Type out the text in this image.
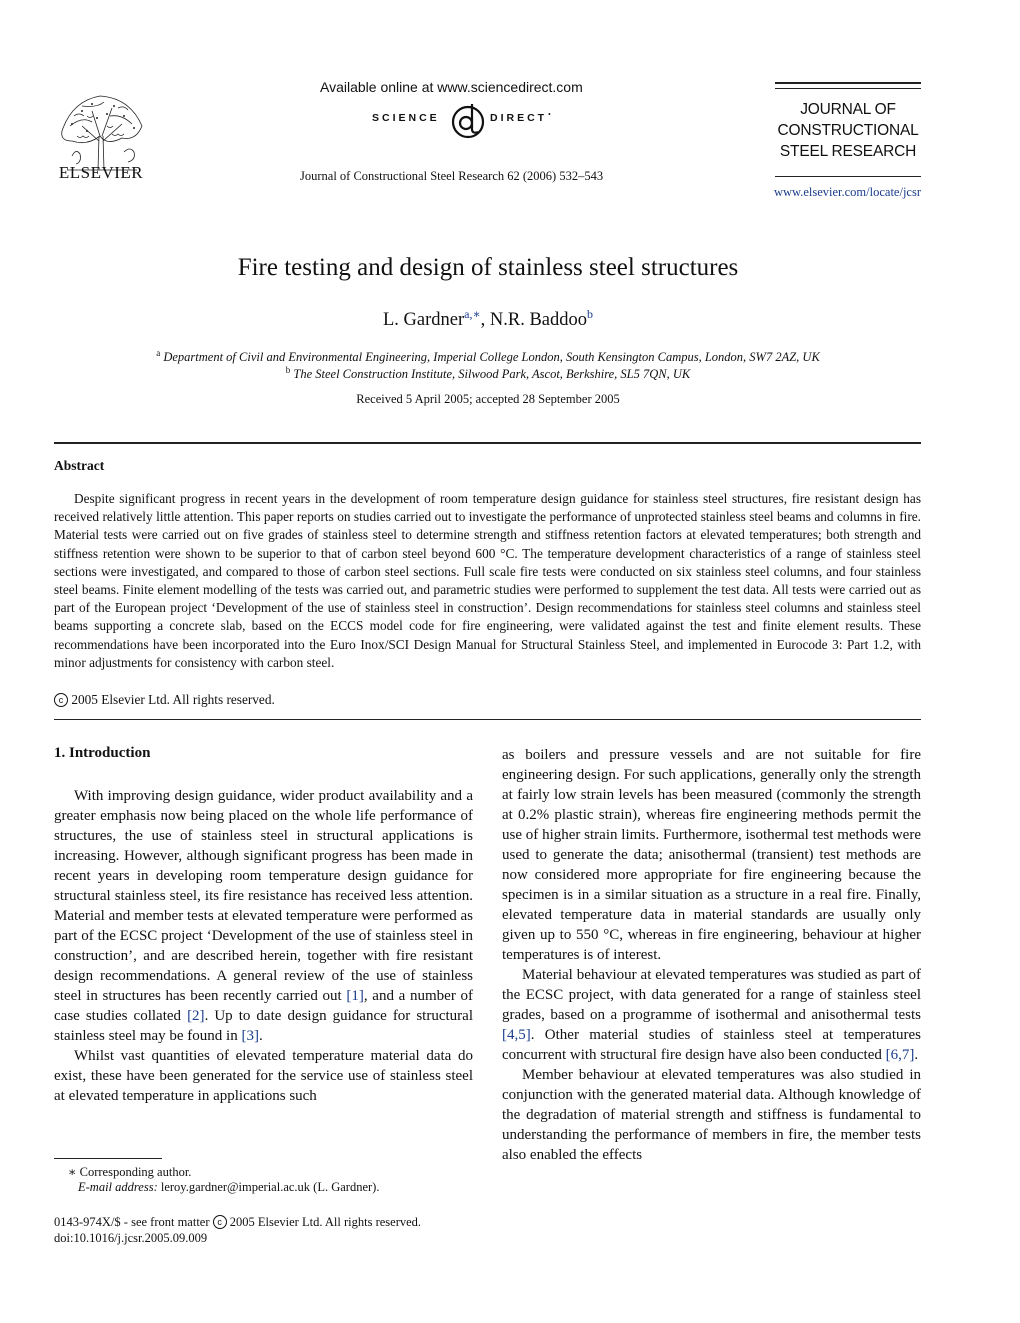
ELSEVIER
Available online at www.sciencedirect.com
SCIENCE	DIRECT •
Journal of Constructional Steel Research 62 (2006) 532–543
JOURNAL OF
CONSTRUCTIONAL
STEEL RESEARCH
www.elsevier.com/locate/jcsr
Fire testing and design of stainless steel structures
L. Gardner$^{a,∗}$, N.R. Baddoo$^b$
$^a$ Department of Civil and Environmental Engineering, Imperial College London, South Kensington Campus, London, SW7 2AZ, UK
$^b$ The Steel Construction Institute, Silwood Park, Ascot, Berkshire, SL5 7QN, UK
Received 5 April 2005; accepted 28 September 2005
Abstract
Despite significant progress in recent years in the development of room temperature design guidance for stainless steel structures, fire resistant design has received relatively little attention. This paper reports on studies carried out to investigate the performance of unprotected stainless steel beams and columns in fire. Material tests were carried out on five grades of stainless steel to determine strength and stiffness retention factors at elevated temperatures; both strength and stiffness retention were shown to be superior to that of carbon steel beyond 600 °C. The temperature development characteristics of a range of stainless steel sections were investigated, and compared to those of carbon steel sections. Full scale fire tests were conducted on six stainless steel columns, and four stainless steel beams. Finite element modelling of the tests was carried out, and parametric studies were performed to supplement the test data. All tests were carried out as part of the European project ‘Development of the use of stainless steel in construction’. Design recommendations for stainless steel columns and stainless steel beams supporting a concrete slab, based on the ECCS model code for fire engineering, were validated against the test and finite element results. These recommendations have been incorporated into the Euro Inox/SCI Design Manual for Structural Stainless Steel, and implemented in Eurocode 3: Part 1.2, with minor adjustments for consistency with carbon steel.
c 2005 Elsevier Ltd. All rights reserved.
1. Introduction

With improving design guidance, wider product availability and a greater emphasis now being placed on the whole life performance of structures, the use of stainless steel in structural applications is increasing. However, although significant progress has been made in recent years in developing room temperature design guidance for structural stainless steel, its fire resistance has received less attention. Material and member tests at elevated temperature were performed as part of the ECSC project ‘Development of the use of stainless steel in construction’, and are described herein, together with fire resistant design recommendations. A general review of the use of stainless steel in structures has been recently carried out [1], and a number of case studies collated [2]. Up to date design guidance for structural stainless steel may be found in [3].

Whilst vast quantities of elevated temperature material data do exist, these have been generated for the service use of stainless steel at elevated temperature in applications such

as boilers and pressure vessels and are not suitable for fire engineering design. For such applications, generally only the strength at fairly low strain levels has been measured (commonly the strength at 0.2% plastic strain), whereas fire engineering methods permit the use of higher strain limits. Furthermore, isothermal test methods were used to generate the data; anisothermal (transient) test methods are now considered more appropriate for fire engineering because the specimen is in a similar situation as a structure in a real fire. Finally, elevated temperature data in material standards are usually only given up to 550 °C, whereas in fire engineering, behaviour at higher temperatures is of interest.

Material behaviour at elevated temperatures was studied as part of the ECSC project, with data generated for a range of stainless steel grades, based on a programme of isothermal and anisothermal tests [4,5]. Other material studies of stainless steel at temperatures concurrent with structural fire design have also been conducted [6,7].

Member behaviour at elevated temperatures was also studied in conjunction with the generated material data. Although knowledge of the degradation of material strength and stiffness is fundamental to understanding the performance of members in fire, the member tests also enabled the effects

∗ Corresponding author.
E-mail address: leroy.gardner@imperial.ac.uk (L. Gardner).
0143-974X/$ - see front matter c 2005 Elsevier Ltd. All rights reserved.
doi:10.1016/j.jcsr.2005.09.009
